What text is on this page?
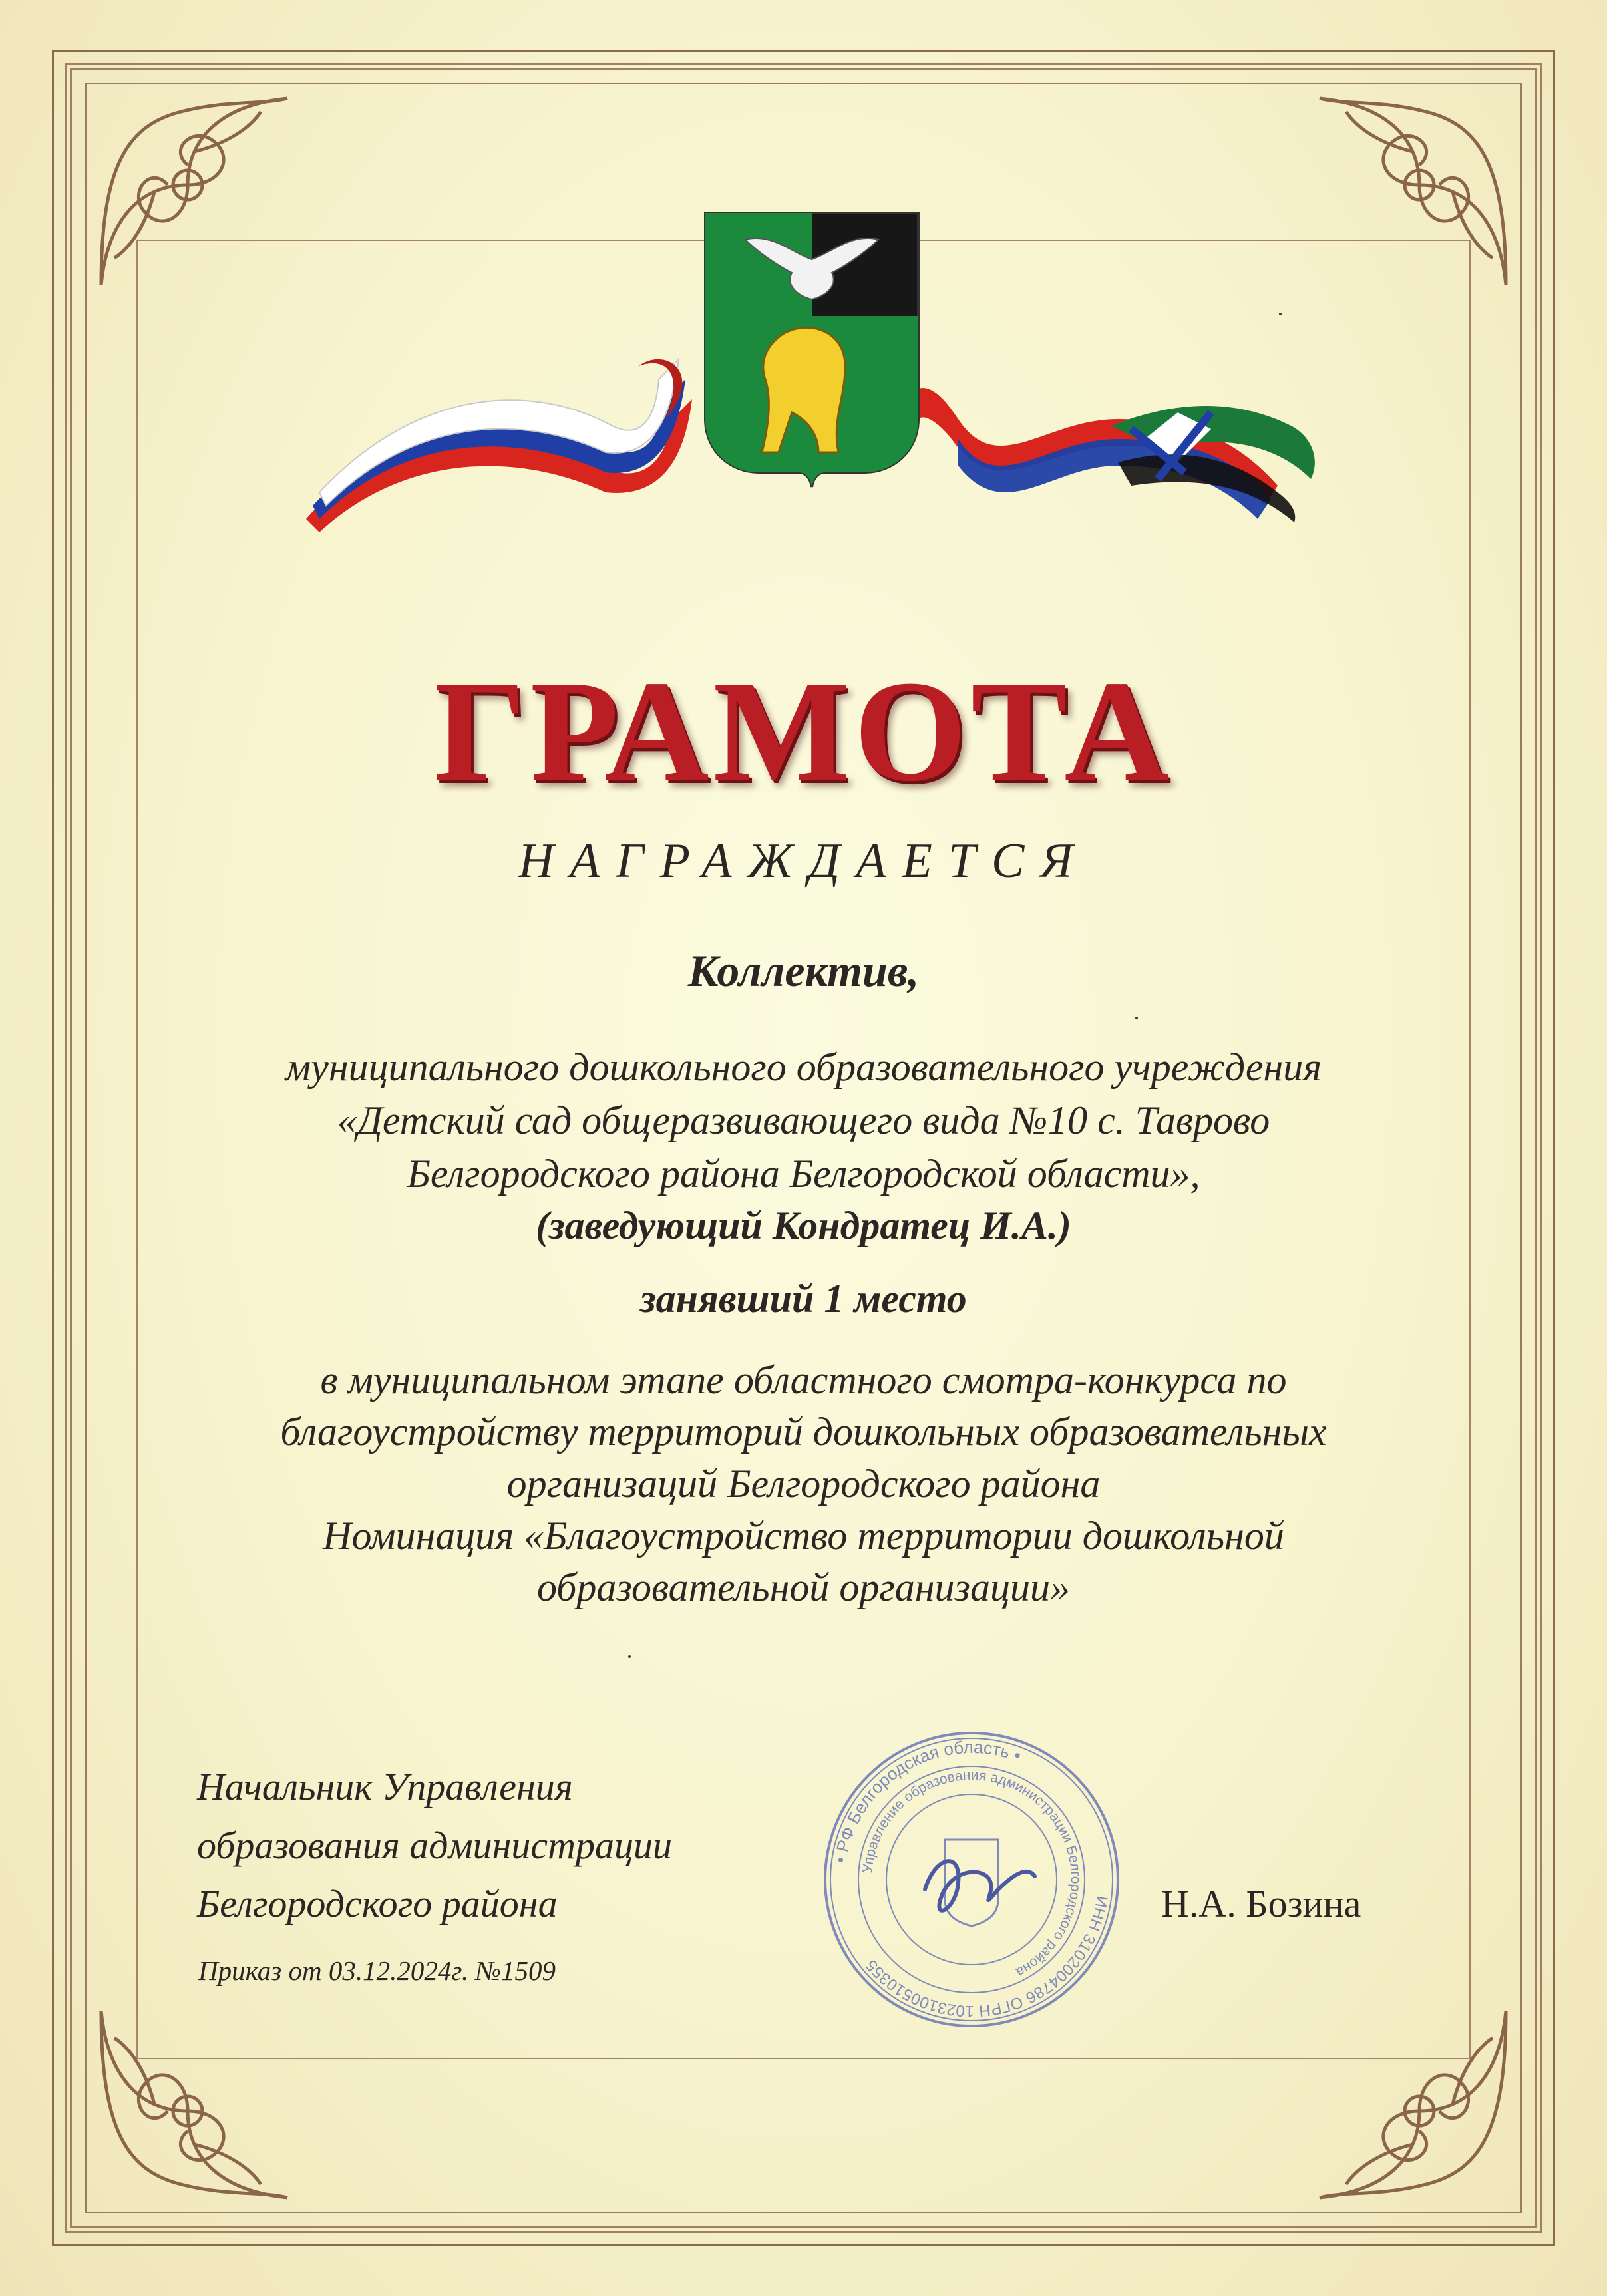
ГРАМОТА
НАГРАЖДАЕТСЯ
Коллектив,
муниципального дошкольного образовательного учреждения
«Детский сад общеразвивающего вида №10 с. Таврово
Белгородского района Белгородской области»,
(заведующий Кондратец И.А.)
занявший 1 место
в муниципальном этапе областного смотра-конкурса по
благоустройству территорий дошкольных образовательных
организаций Белгородского района
Номинация «Благоустройство территории дошкольной
образовательной организации»
Начальник Управления
образования администрации
Белгородского района	Н.А. Бозина
Приказ от 03.12.2024г. №1509
• РФ Белгородская область •
Управление образования администрации Белгородского района
ИНН 3102004786 ОГРН 1023100510355
